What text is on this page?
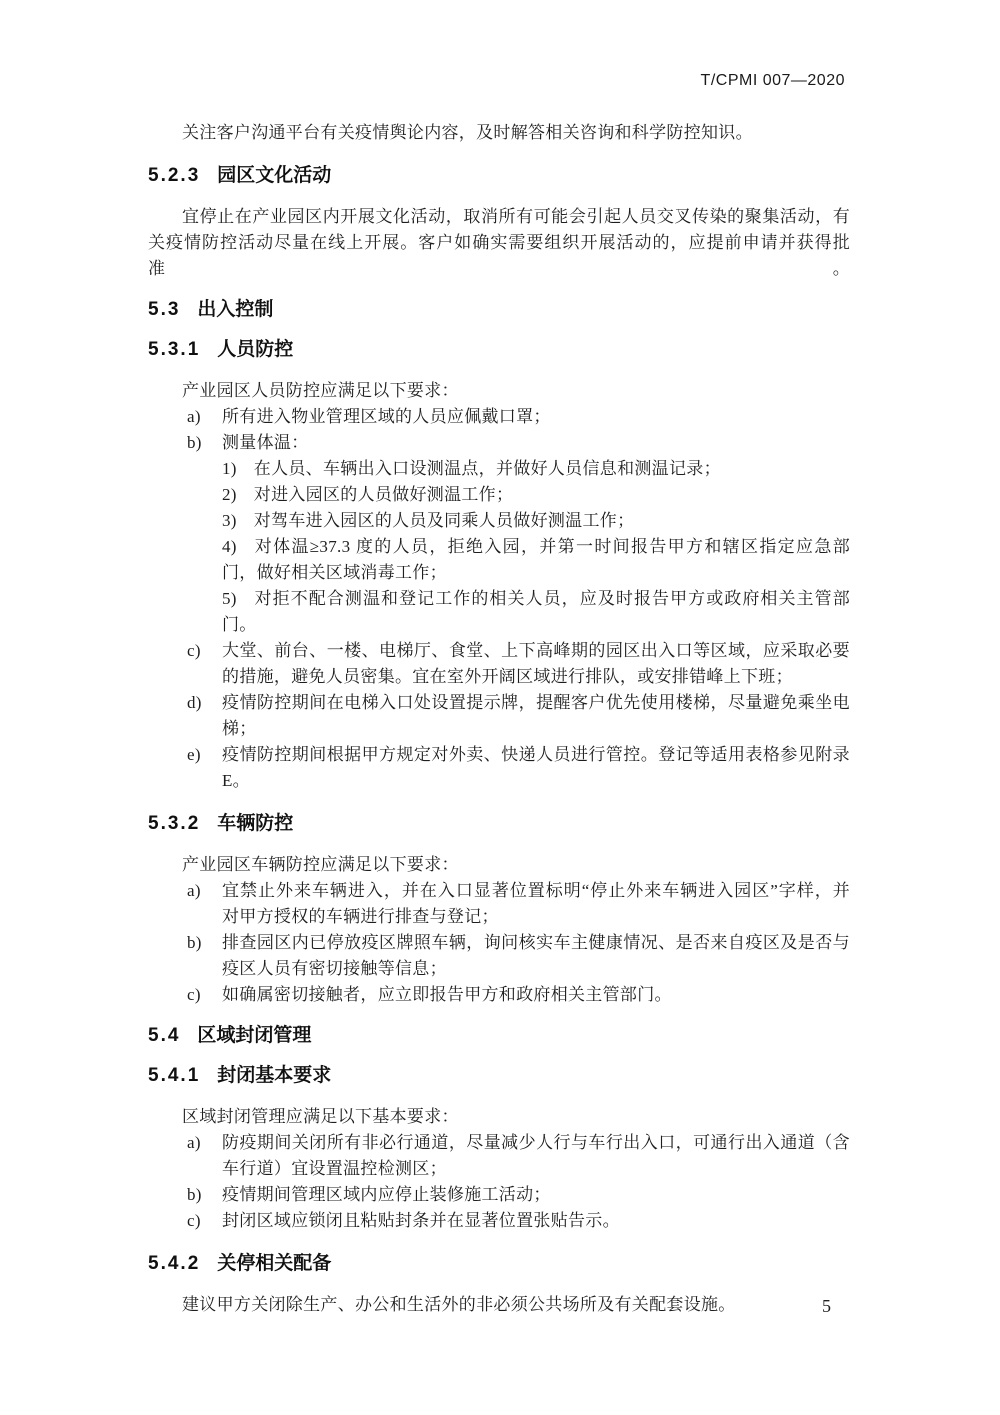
T/CPMI 007—2020
关注客户沟通平台有关疫情舆论内容，及时解答相关咨询和科学防控知识。
5.2.3 园区文化活动
宜停止在产业园区内开展文化活动，取消所有可能会引起人员交叉传染的聚集活动，有
关疫情防控活动尽量在线上开展。客户如确实需要组织开展活动的，应提前申请并获得批准。
5.3 出入控制
5.3.1 人员防控
产业园区人员防控应满足以下要求：
a) 所有进入物业管理区域的人员应佩戴口罩；
b) 测量体温：
1) 在人员、车辆出入口设测温点，并做好人员信息和测温记录；
2) 对进入园区的人员做好测温工作；
3) 对驾车进入园区的人员及同乘人员做好测温工作；
4) 对体温≥37.3 度的人员，拒绝入园，并第一时间报告甲方和辖区指定应急部
门，做好相关区域消毒工作；
5) 对拒不配合测温和登记工作的相关人员，应及时报告甲方或政府相关主管部
门。
c) 大堂、前台、一楼、电梯厅、食堂、上下高峰期的园区出入口等区域，应采取必要
的措施，避免人员密集。宜在室外开阔区域进行排队，或安排错峰上下班；
d) 疫情防控期间在电梯入口处设置提示牌，提醒客户优先使用楼梯，尽量避免乘坐电
梯；
e) 疫情防控期间根据甲方规定对外卖、快递人员进行管控。登记等适用表格参见附录
E。
5.3.2 车辆防控
产业园区车辆防控应满足以下要求：
a) 宜禁止外来车辆进入，并在入口显著位置标明“停止外来车辆进入园区”字样，并
对甲方授权的车辆进行排查与登记；
b) 排查园区内已停放疫区牌照车辆，询问核实车主健康情况、是否来自疫区及是否与
疫区人员有密切接触等信息；
c) 如确属密切接触者，应立即报告甲方和政府相关主管部门。
5.4 区域封闭管理
5.4.1 封闭基本要求
区域封闭管理应满足以下基本要求：
a) 防疫期间关闭所有非必行通道，尽量减少人行与车行出入口，可通行出入通道（含
车行道）宜设置温控检测区；
b) 疫情期间管理区域内应停止装修施工活动；
c) 封闭区域应锁闭且粘贴封条并在显著位置张贴告示。
5.4.2 关停相关配备
建议甲方关闭除生产、办公和生活外的非必须公共场所及有关配套设施。	5
